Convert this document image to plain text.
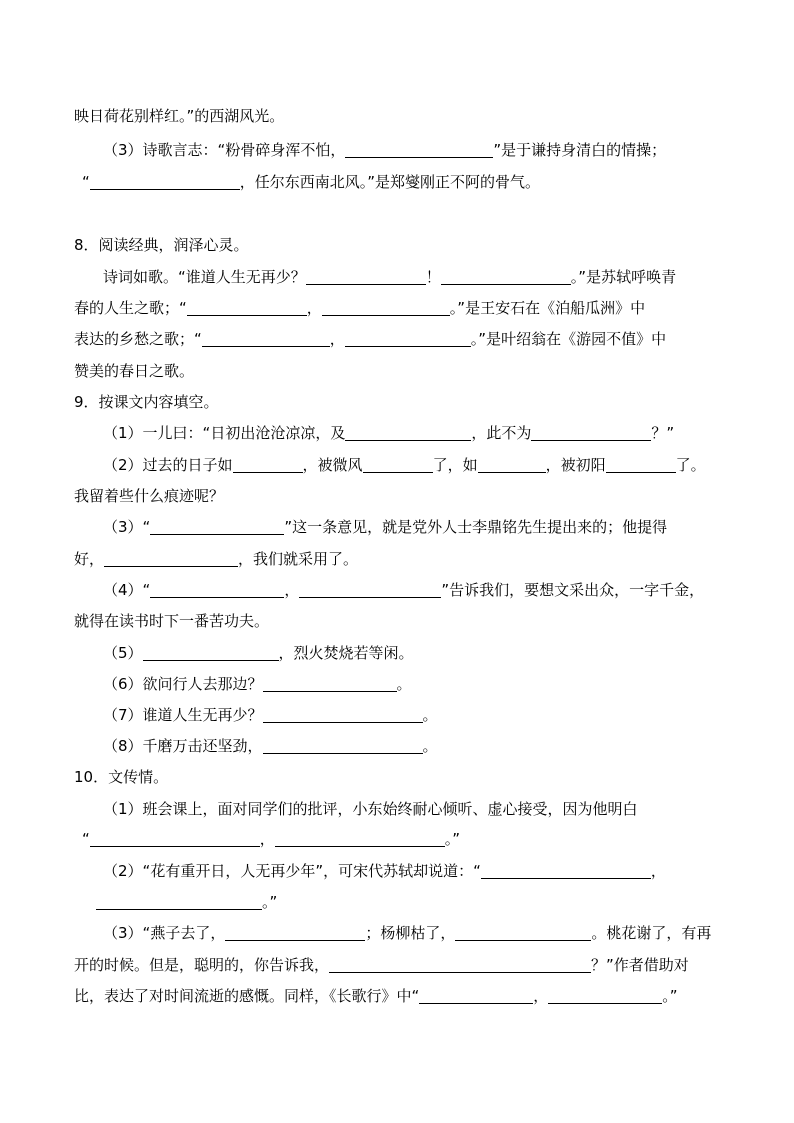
映日荷花别样红。”的西湖风光。
（3）诗歌言志：“粉骨碎身浑不怕，	”是于谦持身清白的情操；
“	，任尔东西南北风。”是郑燮刚正不阿的骨气。
8．阅读经典，润泽心灵。
诗词如歌。“谁道人生无再少？	！	。”是苏轼呼唤青
春的人生之歌；“	，	。”是王安石在《泊船瓜洲》中
表达的乡愁之歌；“	，	。”是叶绍翁在《游园不值》中
赞美的春日之歌。
9．按课文内容填空。
（1）一儿曰：“日初出沧沧凉凉，及	，此不为	？”
（2）过去的日子如	，被微风	了，如	，被初阳	了。
我留着些什么痕迹呢？
（3）“	”这一条意见，就是党外人士李鼎铭先生提出来的；他提得
好，	，我们就采用了。
（4）“	，	”告诉我们，要想文采出众，一字千金，
就得在读书时下一番苦功夫。
（5）	，烈火焚烧若等闲。
（6）欲问行人去那边？	。
（7）谁道人生无再少？	。
（8）千磨万击还坚劲，	。
10．文传情。
（1）班会课上，面对同学们的批评，小东始终耐心倾听、虚心接受，因为他明白
“	，	。”
（2）“花有重开日，人无再少年”，可宋代苏轼却说道：“	，
。”
（3）“燕子去了，	；杨柳枯了，	。桃花谢了，有再
开的时候。但是，聪明的，你告诉我，	？”作者借助对
比，表达了对时间流逝的感慨。同样，《长歌行》中“	，	。”
